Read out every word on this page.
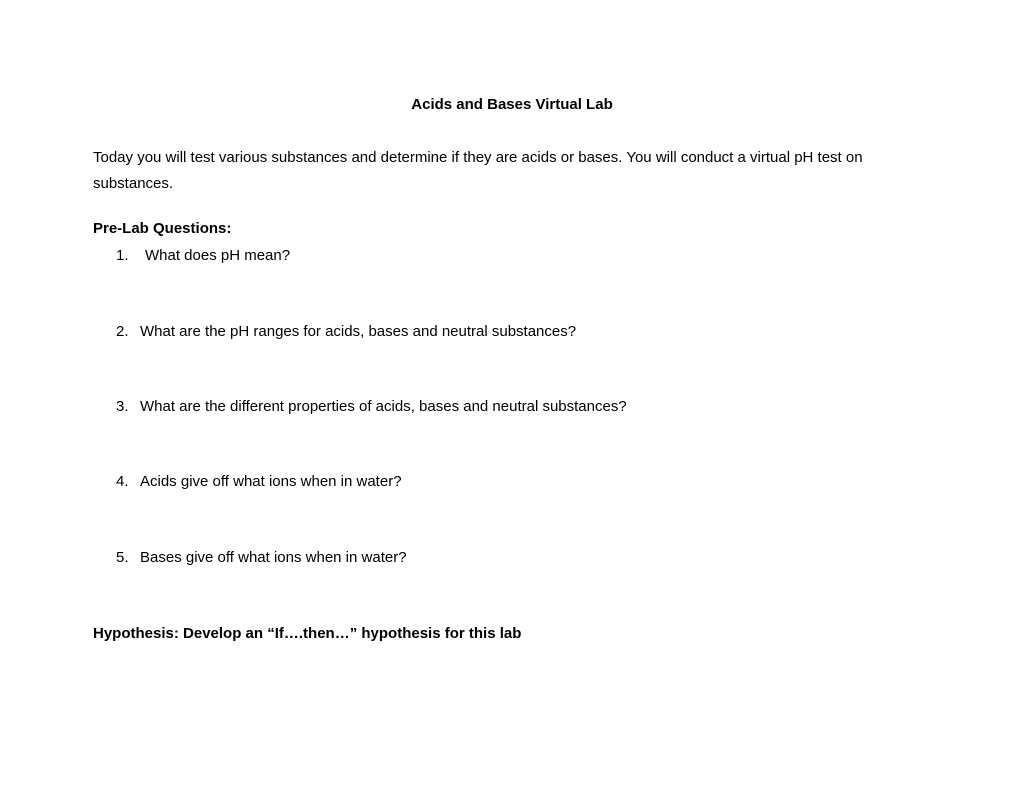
Acids and Bases Virtual Lab
Today you will test various substances and determine if they are acids or bases. You will conduct a virtual pH test on substances.
Pre-Lab Questions:
1. What does pH mean?
2. What are the pH ranges for acids, bases and neutral substances?
3. What are the different properties of acids, bases and neutral substances?
4. Acids give off what ions when in water?
5. Bases give off what ions when in water?
Hypothesis: Develop an “If….then…” hypothesis for this lab
